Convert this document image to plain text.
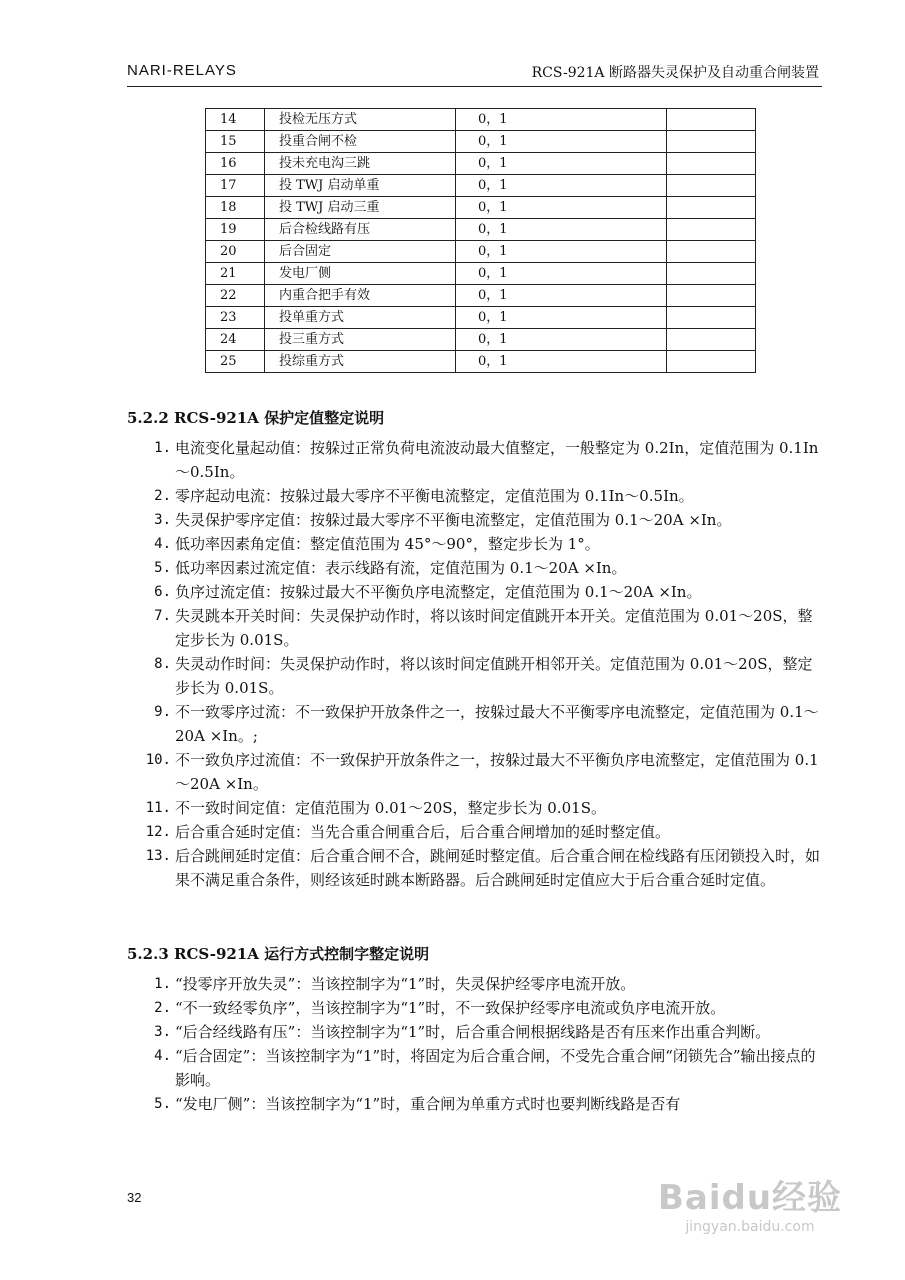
NARI-RELAYS	RCS-921A 断路器失灵保护及自动重合闸装置
14	投检无压方式	0，1	
15	投重合闸不检	0，1	
16	投未充电沟三跳	0，1	
17	投 TWJ 启动单重	0，1	
18	投 TWJ 启动三重	0，1	
19	后合检线路有压	0，1	
20	后合固定	0，1	
21	发电厂侧	0，1	
22	内重合把手有效	0，1	
23	投单重方式	0，1	
24	投三重方式	0，1	
25	投综重方式	0，1	
5.2.2 RCS-921A 保护定值整定说明
1. 电流变化量起动值：按躲过正常负荷电流波动最大值整定，一般整定为 0.2In，定值范围为 0.1In～0.5In。
2. 零序起动电流：按躲过最大零序不平衡电流整定，定值范围为 0.1In～0.5In。
3. 失灵保护零序定值：按躲过最大零序不平衡电流整定，定值范围为 0.1～20A ×In。
4. 低功率因素角定值：整定值范围为 45°～90°，整定步长为 1°。
5. 低功率因素过流定值：表示线路有流，定值范围为 0.1～20A ×In。
6. 负序过流定值：按躲过最大不平衡负序电流整定，定值范围为 0.1～20A ×In。
7. 失灵跳本开关时间：失灵保护动作时，将以该时间定值跳开本开关。定值范围为 0.01～20S，整定步长为 0.01S。
8. 失灵动作时间：失灵保护动作时，将以该时间定值跳开相邻开关。定值范围为 0.01～20S，整定步长为 0.01S。
9. 不一致零序过流：不一致保护开放条件之一，按躲过最大不平衡零序电流整定，定值范围为 0.1～20A ×In。;
10. 不一致负序过流值：不一致保护开放条件之一，按躲过最大不平衡负序电流整定，定值范围为 0.1～20A ×In。
11. 不一致时间定值：定值范围为 0.01～20S，整定步长为 0.01S。
12. 后合重合延时定值：当先合重合闸重合后，后合重合闸增加的延时整定值。
13. 后合跳闸延时定值：后合重合闸不合，跳闸延时整定值。后合重合闸在检线路有压闭锁投入时，如果不满足重合条件，则经该延时跳本断路器。后合跳闸延时定值应大于后合重合延时定值。
5.2.3 RCS-921A 运行方式控制字整定说明
1. “投零序开放失灵”：当该控制字为“1”时，失灵保护经零序电流开放。
2. “不一致经零负序”，当该控制字为“1”时，不一致保护经零序电流或负序电流开放。
3. “后合经线路有压”：当该控制字为“1”时，后合重合闸根据线路是否有压来作出重合判断。
4. “后合固定”：当该控制字为“1”时，将固定为后合重合闸，不受先合重合闸“闭锁先合”输出接点的影响。
5. “发电厂侧”：当该控制字为“1”时，重合闸为单重方式时也要判断线路是否有
32	Baidu经验
jingyan.baidu.com
